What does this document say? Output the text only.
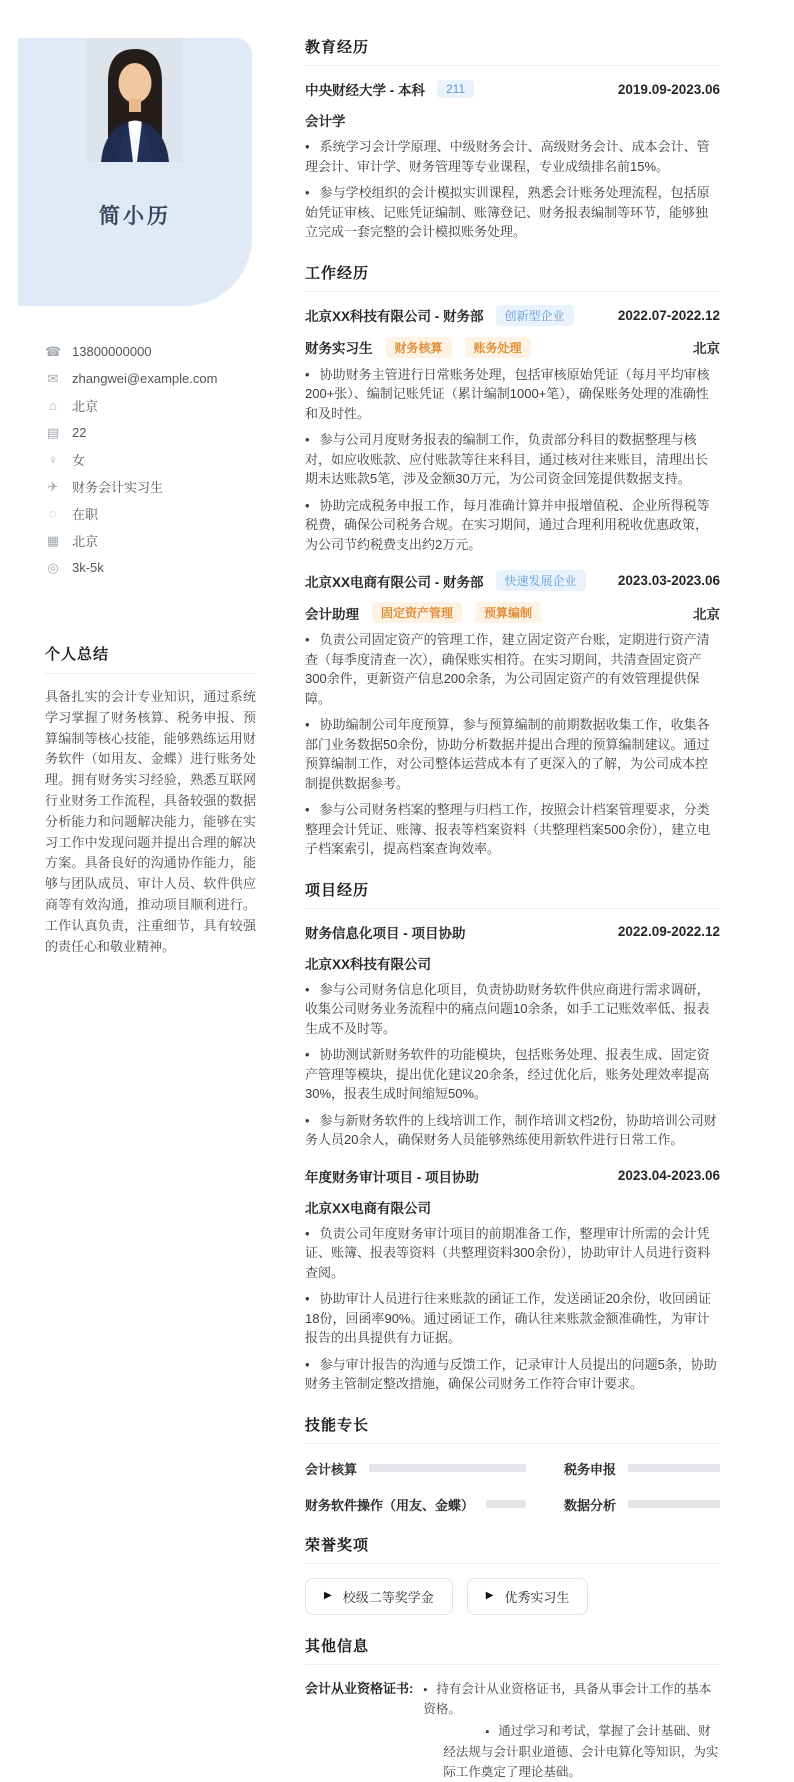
简小历
☎ 13800000000
✉ zhangwei@example.com
⌂	北京
▤ 22
♀ 女
✈ 财务会计实习生
◌	在职
▦ 北京
◎ 3k-5k
个人总结

具备扎实的会计专业知识，通过系统学习掌握了财务核算、税务申报、预算编制等核心技能，能够熟练运用财务软件（如用友、金蝶）进行账务处理。拥有财务实习经验，熟悉互联网行业财务工作流程，具备较强的数据分析能力和问题解决能力，能够在实习工作中发现问题并提出合理的解决方案。具备良好的沟通协作能力，能够与团队成员、审计人员、软件供应商等有效沟通，推动项目顺利进行。工作认真负责，注重细节，具有较强的责任心和敬业精神。

教育经历
中央财经大学 - 本科	211	2019.09-2023.06
会计学

• 系统学习会计学原理、中级财务会计、高级财务会计、成本会计、管理会计、审计学、财务管理等专业课程，专业成绩排名前15%。

• 参与学校组织的会计模拟实训课程，熟悉会计账务处理流程，包括原始凭证审核、记账凭证编制、账簿登记、财务报表编制等环节，能够独立完成一套完整的会计模拟账务处理。

工作经历
北京XX科技有限公司 - 财务部	创新型企业	2022.07-2022.12
财务实习生	财务核算	账务处理	北京

• 协助财务主管进行日常账务处理，包括审核原始凭证（每月平均审核200+张）、编制记账凭证（累计编制1000+笔），确保账务处理的准确性和及时性。

• 参与公司月度财务报表的编制工作，负责部分科目的数据整理与核对，如应收账款、应付账款等往来科目，通过核对往来账目，清理出长期未达账款5笔，涉及金额30万元，为公司资金回笼提供数据支持。

• 协助完成税务申报工作，每月准确计算并申报增值税、企业所得税等税费，确保公司税务合规。在实习期间，通过合理利用税收优惠政策，为公司节约税费支出约2万元。

北京XX电商有限公司 - 财务部	快速发展企业	2023.03-2023.06
会计助理	固定资产管理	预算编制	北京

• 负责公司固定资产的管理工作，建立固定资产台账，定期进行资产清查（每季度清查一次），确保账实相符。在实习期间，共清查固定资产300余件，更新资产信息200余条，为公司固定资产的有效管理提供保障。

• 协助编制公司年度预算，参与预算编制的前期数据收集工作，收集各部门业务数据50余份，协助分析数据并提出合理的预算编制建议。通过预算编制工作，对公司整体运营成本有了更深入的了解，为公司成本控制提供数据参考。

• 参与公司财务档案的整理与归档工作，按照会计档案管理要求，分类整理会计凭证、账簿、报表等档案资料（共整理档案500余份），建立电子档案索引，提高档案查询效率。

项目经历
财务信息化项目 - 项目协助	2022.09-2022.12
北京XX科技有限公司

• 参与公司财务信息化项目，负责协助财务软件供应商进行需求调研，收集公司财务业务流程中的痛点问题10余条，如手工记账效率低、报表生成不及时等。

• 协助测试新财务软件的功能模块，包括账务处理、报表生成、固定资产管理等模块，提出优化建议20余条，经过优化后，账务处理效率提高30%，报表生成时间缩短50%。

• 参与新财务软件的上线培训工作，制作培训文档2份，协助培训公司财务人员20余人，确保财务人员能够熟练使用新软件进行日常工作。

年度财务审计项目 - 项目协助	2023.04-2023.06
北京XX电商有限公司

• 负责公司年度财务审计项目的前期准备工作，整理审计所需的会计凭证、账簿、报表等资料（共整理资料300余份），协助审计人员进行资料查阅。

• 协助审计人员进行往来账款的函证工作，发送函证20余份，收回函证18份，回函率90%。通过函证工作，确认往来账款金额准确性，为审计报告的出具提供有力证据。

• 参与审计报告的沟通与反馈工作，记录审计人员提出的问题5条，协助财务主管制定整改措施，确保公司财务工作符合审计要求。

技能专长
会计核算	税务申报
财务软件操作（用友、金蝶）	数据分析
荣誉奖项
▶ 校级二等奖学金	▶ 优秀实习生
其他信息
会计从业资格证书:	▪ 持有会计从业资格证书，具备从事会计工作的基本资格。
▪ 通过学习和考试，掌握了会计基础、财经法规与会计职业道德、会计电算化等知识，为实际工作奠定了理论基础。
